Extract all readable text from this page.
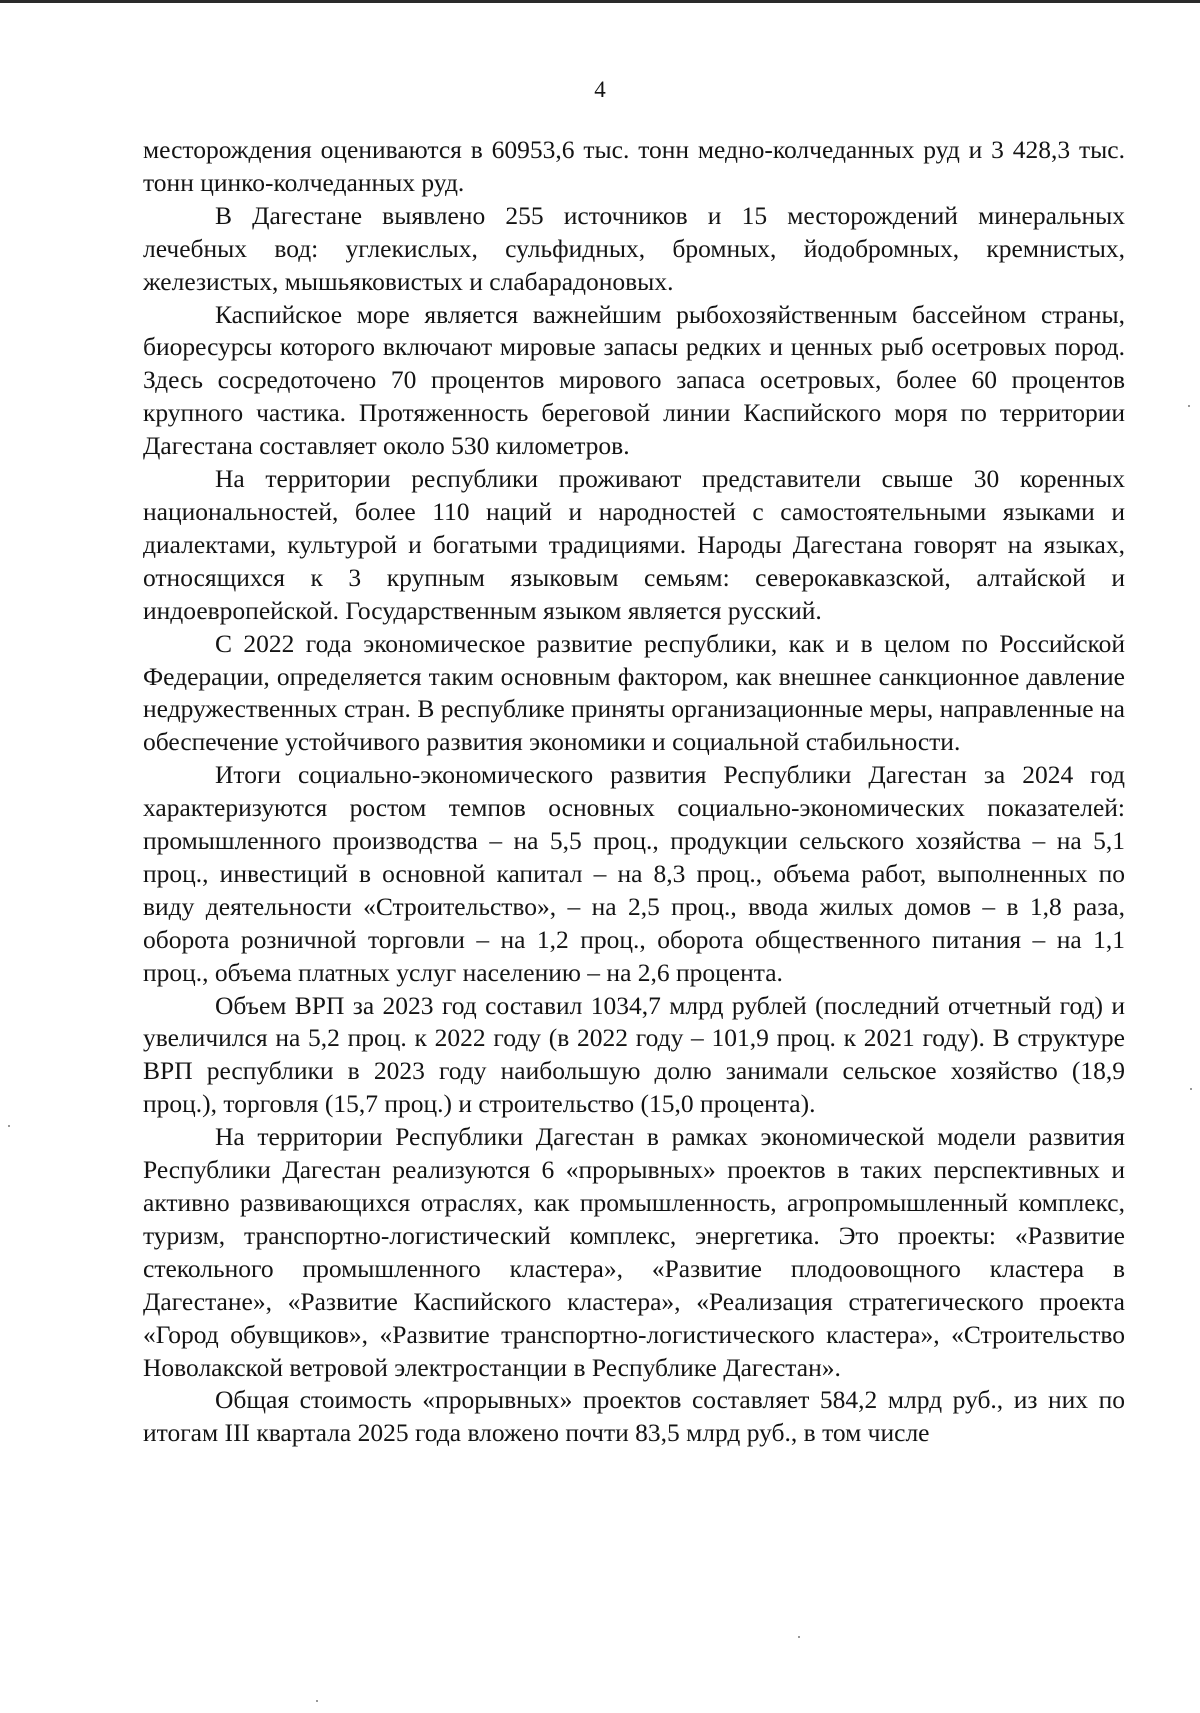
4

месторождения оцениваются в 60953,6 тыс. тонн медно-колчеданных руд и 3 428,3 тыс. тонн цинко-колчеданных руд.

В Дагестане выявлено 255 источников и 15 месторождений минеральных лечебных вод: углекислых, сульфидных, бромных, йодобромных, кремнистых, железистых, мышьяковистых и слабарадоновых.

Каспийское море является важнейшим рыбохозяйственным бассейном страны, биоресурсы которого включают мировые запасы редких и ценных рыб осетровых пород. Здесь сосредоточено 70 процентов мирового запаса осетровых, более 60 процентов крупного частика. Протяженность береговой линии Каспийского моря по территории Дагестана составляет около 530 километров.

На территории республики проживают представители свыше 30 коренных национальностей, более 110 наций и народностей с самостоятельными языками и диалектами, культурой и богатыми традициями. Народы Дагестана говорят на языках, относящихся к 3 крупным языковым семьям: северокавказской, алтайской и индоевропейской. Государственным языком является русский.

С 2022 года экономическое развитие республики, как и в целом по Российской Федерации, определяется таким основным фактором, как внешнее санкционное давление недружественных стран. В республике приняты организационные меры, направленные на обеспечение устойчивого развития экономики и социальной стабильности.

Итоги социально-экономического развития Республики Дагестан за 2024 год характеризуются ростом темпов основных социально-экономических показателей: промышленного производства – на 5,5 проц., продукции сельского хозяйства – на 5,1 проц., инвестиций в основной капитал – на 8,3 проц., объема работ, выполненных по виду деятельности «Строительство», – на 2,5 проц., ввода жилых домов – в 1,8 раза, оборота розничной торговли – на 1,2 проц., оборота общественного питания – на 1,1 проц., объема платных услуг населению – на 2,6 процента.

Объем ВРП за 2023 год составил 1034,7 млрд рублей (последний отчетный год) и увеличился на 5,2 проц. к 2022 году (в 2022 году – 101,9 проц. к 2021 году). В структуре ВРП республики в 2023 году наибольшую долю занимали сельское хозяйство (18,9 проц.), торговля (15,7 проц.) и строительство (15,0 процента).

На территории Республики Дагестан в рамках экономической модели развития Республики Дагестан реализуются 6 «прорывных» проектов в таких перспективных и активно развивающихся отраслях, как промышленность, агропромышленный комплекс, туризм, транспортно-логистический комплекс, энергетика. Это проекты: «Развитие стекольного промышленного кластера», «Развитие плодоовощного кластера в Дагестане», «Развитие Каспийского кластера», «Реализация стратегического проекта «Город обувщиков», «Развитие транспортно-логистического кластера», «Строительство Новолакской ветровой электростанции в Республике Дагестан».

Общая стоимость «прорывных» проектов составляет 584,2 млрд руб., из них по итогам III квартала 2025 года вложено почти 83,5 млрд руб., в том числе
